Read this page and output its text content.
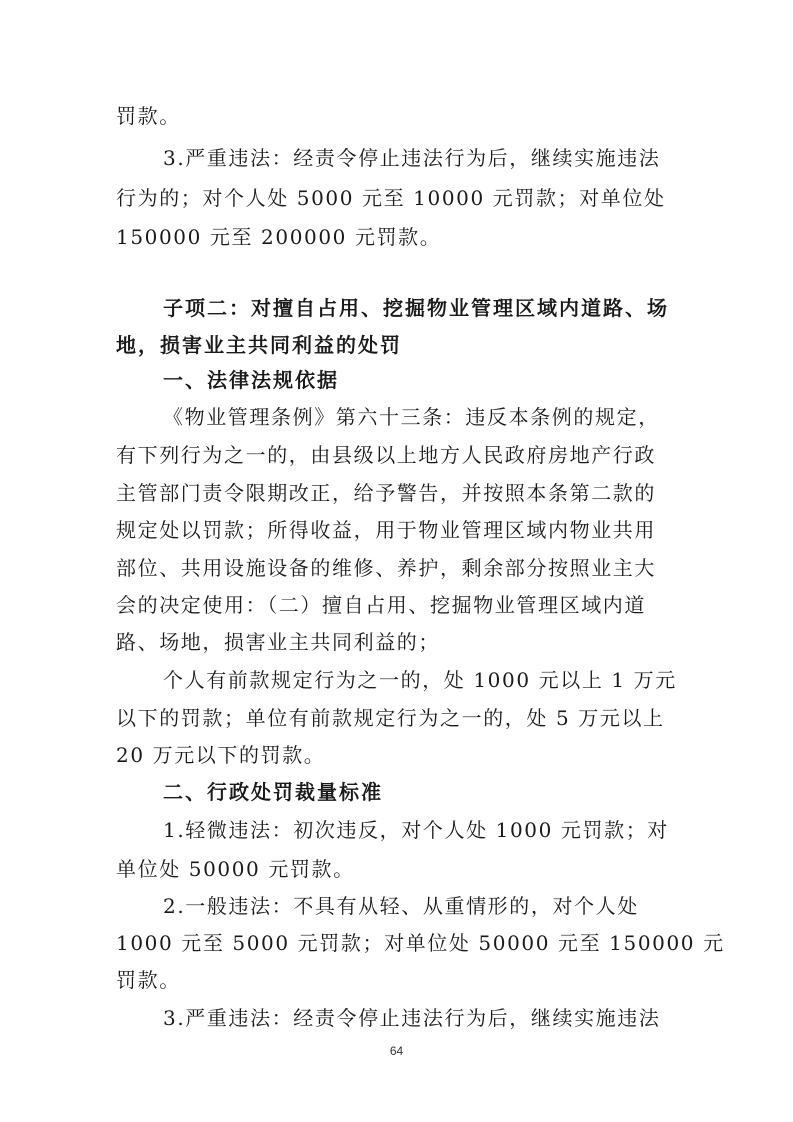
罚款。
3.严重违法：经责令停止违法行为后，继续实施违法
行为的；对个人处 5000 元至 10000 元罚款；对单位处
150000 元至 200000 元罚款。
子项二：对擅自占用、挖掘物业管理区域内道路、场
地，损害业主共同利益的处罚
一、法律法规依据
《物业管理条例》第六十三条：违反本条例的规定，
有下列行为之一的，由县级以上地方人民政府房地产行政
主管部门责令限期改正，给予警告，并按照本条第二款的
规定处以罚款；所得收益，用于物业管理区域内物业共用
部位、共用设施设备的维修、养护，剩余部分按照业主大
会的决定使用：（二）擅自占用、挖掘物业管理区域内道
路、场地，损害业主共同利益的；
个人有前款规定行为之一的，处 1000 元以上 1 万元
以下的罚款；单位有前款规定行为之一的，处 5 万元以上
20 万元以下的罚款。
二、行政处罚裁量标准
1.轻微违法：初次违反，对个人处 1000 元罚款；对
单位处 50000 元罚款。
2.一般违法：不具有从轻、从重情形的，对个人处
1000 元至 5000 元罚款；对单位处 50000 元至 150000 元
罚款。
3.严重违法：经责令停止违法行为后，继续实施违法
64
